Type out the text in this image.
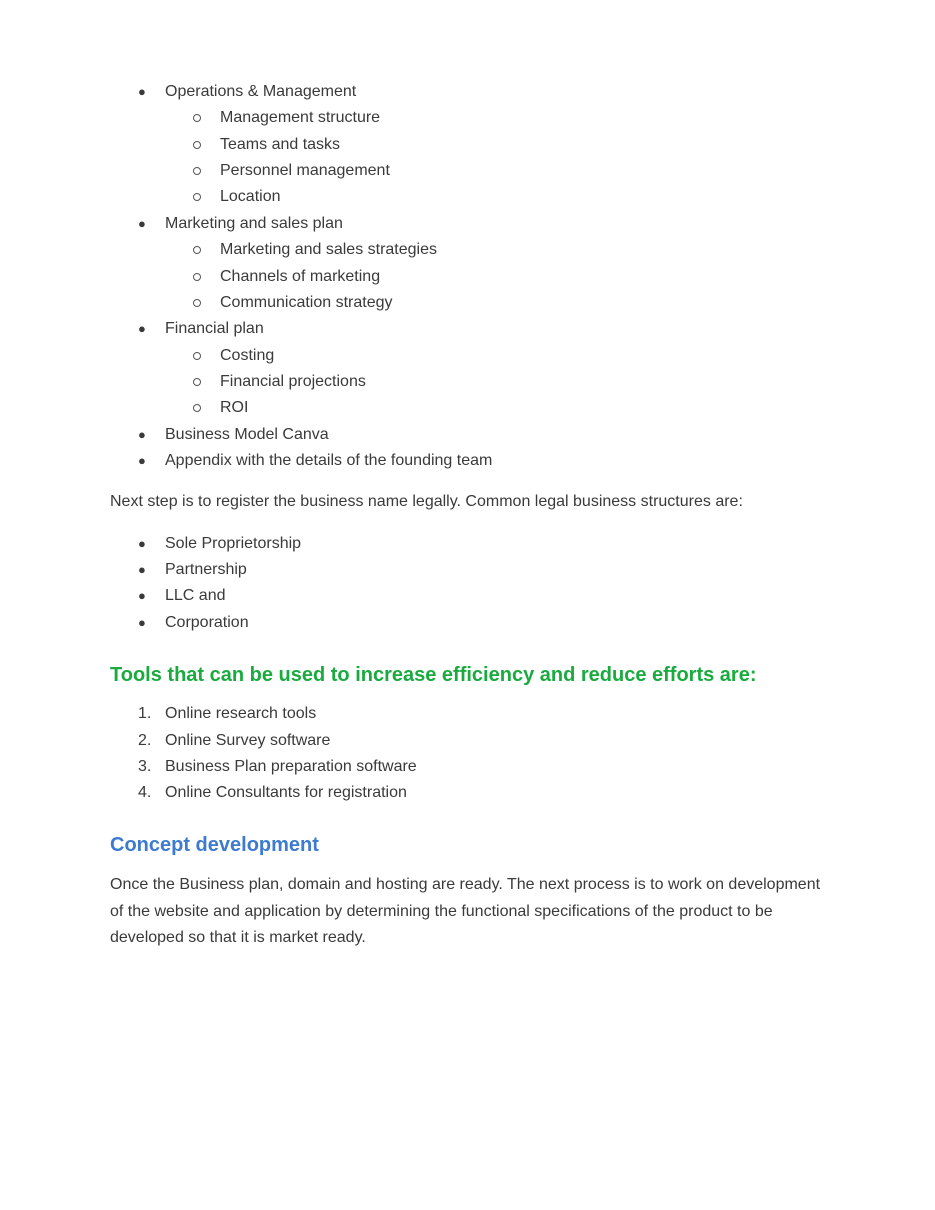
● Operations & Management
Management structure
Teams and tasks
Personnel management
Location
● Marketing and sales plan
Marketing and sales strategies
Channels of marketing
Communication strategy
● Financial plan
Costing
Financial projections
ROI
● Business Model Canva
● Appendix with the details of the founding team
Next step is to register the business name legally. Common legal business structures are:
● Sole Proprietorship
● Partnership
● LLC and
● Corporation
Tools that can be used to increase efficiency and reduce efforts are:
1. Online research tools
2. Online Survey software
3. Business Plan preparation software
4. Online Consultants for registration
Concept development
Once the Business plan, domain and hosting are ready. The next process is to work on development of the website and application by determining the functional specifications of the product to be developed so that it is market ready.
